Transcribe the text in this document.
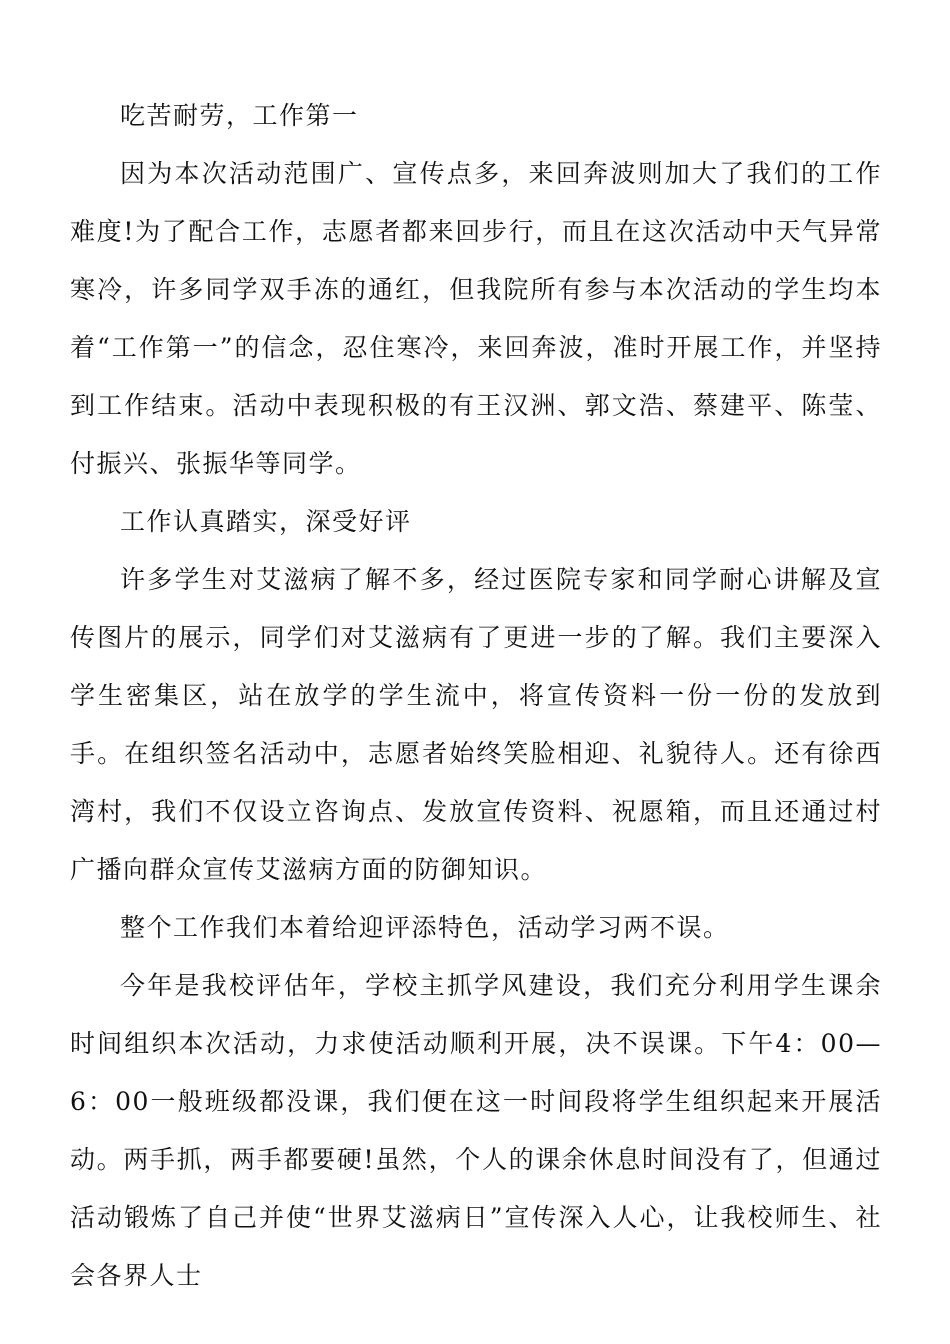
吃苦耐劳，工作第一

因为本次活动范围广、宣传点多，来回奔波则加大了我们的工作难度!为了配合工作，志愿者都来回步行，而且在这次活动中天气异常寒冷，许多同学双手冻的通红，但我院所有参与本次活动的学生均本着“工作第一”的信念，忍住寒冷，来回奔波，准时开展工作，并坚持到工作结束。活动中表现积极的有王汉洲、郭文浩、蔡建平、陈莹、付振兴、张振华等同学。

工作认真踏实，深受好评

许多学生对艾滋病了解不多，经过医院专家和同学耐心讲解及宣传图片的展示，同学们对艾滋病有了更进一步的了解。我们主要深入学生密集区，站在放学的学生流中，将宣传资料一份一份的发放到手。在组织签名活动中，志愿者始终笑脸相迎、礼貌待人。还有徐西湾村，我们不仅设立咨询点、发放宣传资料、祝愿箱，而且还通过村广播向群众宣传艾滋病方面的防御知识。

整个工作我们本着给迎评添特色，活动学习两不误。

今年是我校评估年，学校主抓学风建设，我们充分利用学生课余时间组织本次活动，力求使活动顺利开展，决不误课。下午4：00—6：00一般班级都没课，我们便在这一时间段将学生组织起来开展活动。两手抓，两手都要硬!虽然，个人的课余休息时间没有了，但通过活动锻炼了自己并使“世界艾滋病日”宣传深入人心，让我校师生、社会各界人士
